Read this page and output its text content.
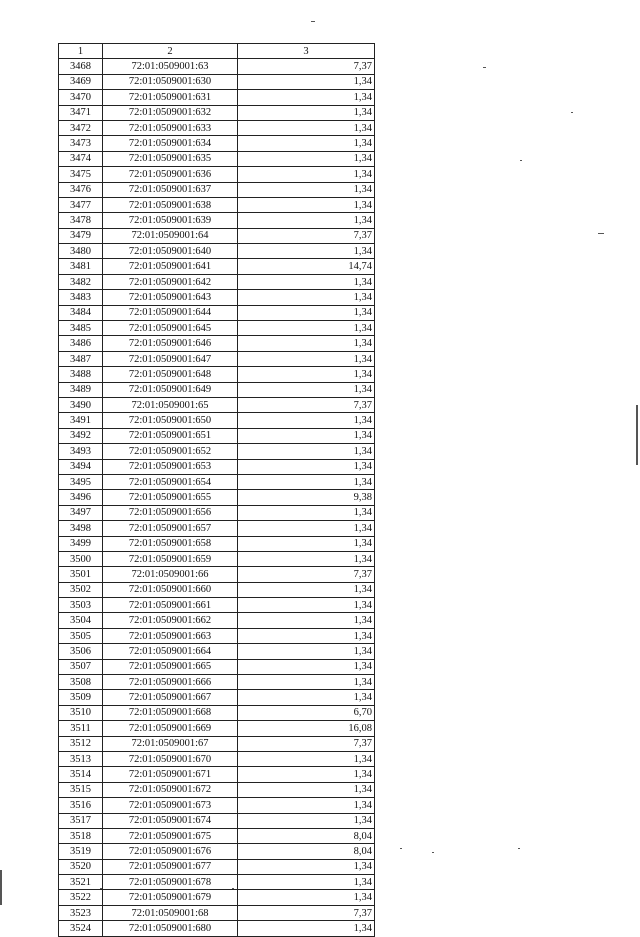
1	2	3
3468	72:01:0509001:63	7,37
3469	72:01:0509001:630	1,34
3470	72:01:0509001:631	1,34
3471	72:01:0509001:632	1,34
3472	72:01:0509001:633	1,34
3473	72:01:0509001:634	1,34
3474	72:01:0509001:635	1,34
3475	72:01:0509001:636	1,34
3476	72:01:0509001:637	1,34
3477	72:01:0509001:638	1,34
3478	72:01:0509001:639	1,34
3479	72:01:0509001:64	7,37
3480	72:01:0509001:640	1,34
3481	72:01:0509001:641	14,74
3482	72:01:0509001:642	1,34
3483	72:01:0509001:643	1,34
3484	72:01:0509001:644	1,34
3485	72:01:0509001:645	1,34
3486	72:01:0509001:646	1,34
3487	72:01:0509001:647	1,34
3488	72:01:0509001:648	1,34
3489	72:01:0509001:649	1,34
3490	72:01:0509001:65	7,37
3491	72:01:0509001:650	1,34
3492	72:01:0509001:651	1,34
3493	72:01:0509001:652	1,34
3494	72:01:0509001:653	1,34
3495	72:01:0509001:654	1,34
3496	72:01:0509001:655	9,38
3497	72:01:0509001:656	1,34
3498	72:01:0509001:657	1,34
3499	72:01:0509001:658	1,34
3500	72:01:0509001:659	1,34
3501	72:01:0509001:66	7,37
3502	72:01:0509001:660	1,34
3503	72:01:0509001:661	1,34
3504	72:01:0509001:662	1,34
3505	72:01:0509001:663	1,34
3506	72:01:0509001:664	1,34
3507	72:01:0509001:665	1,34
3508	72:01:0509001:666	1,34
3509	72:01:0509001:667	1,34
3510	72:01:0509001:668	6,70
3511	72:01:0509001:669	16,08
3512	72:01:0509001:67	7,37
3513	72:01:0509001:670	1,34
3514	72:01:0509001:671	1,34
3515	72:01:0509001:672	1,34
3516	72:01:0509001:673	1,34
3517	72:01:0509001:674	1,34
3518	72:01:0509001:675	8,04
3519	72:01:0509001:676	8,04
3520	72:01:0509001:677	1,34
3521	72:01:0509001:678	1,34
3522	72:01:0509001:679	1,34
3523	72:01:0509001:68	7,37
3524	72:01:0509001:680	1,34
